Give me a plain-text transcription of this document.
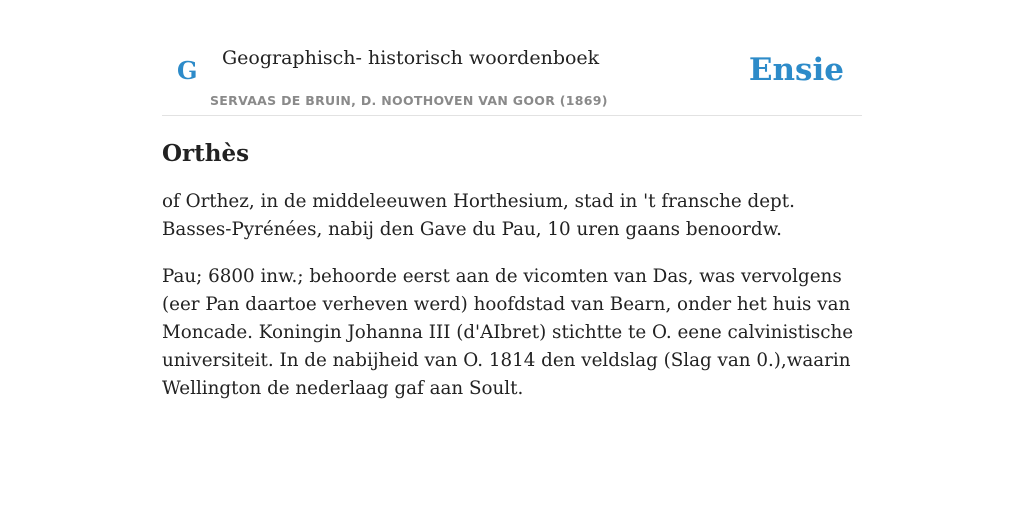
G Geographisch- historisch woordenboek
SERVAAS DE BRUIN, D. NOOTHOVEN VAN GOOR (1869)
Ensie
Orthès

of Orthez, in de middeleeuwen Horthesium, stad in 't fransche dept. Basses-Pyrénées, nabij den Gave du Pau, 10 uren gaans benoordw.

Pau; 6800 inw.; behoorde eerst aan de vicomten van Das, was vervolgens (eer Pan daartoe verheven werd) hoofdstad van Bearn, onder het huis van Moncade. Koningin Johanna III (d'AIbret) stichtte te O. eene calvinistische universiteit. In de nabijheid van O. 1814 den veldslag (Slag van 0.),waarin Wellington de nederlaag gaf aan Soult.
